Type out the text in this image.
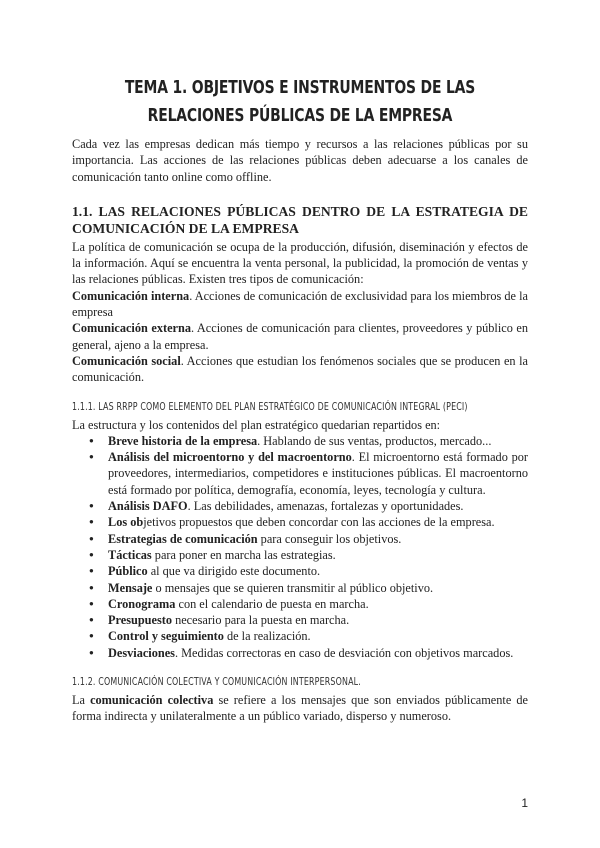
TEMA 1. OBJETIVOS E INSTRUMENTOS DE LAS RELACIONES PÚBLICAS DE LA EMPRESA

Cada vez las empresas dedican más tiempo y recursos a las relaciones públicas por su importancia. Las acciones de las relaciones públicas deben adecuarse a los canales de comunicación tanto online como offline.

1.1. LAS RELACIONES PÚBLICAS DENTRO DE LA ESTRATEGIA DE COMUNICACIÓN DE LA EMPRESA

La política de comunicación se ocupa de la producción, difusión, diseminación y efectos de la información. Aquí se encuentra la venta personal, la publicidad, la promoción de ventas y las relaciones públicas. Existen tres tipos de comunicación:

Comunicación interna. Acciones de comunicación de exclusividad para los miembros de la empresa

Comunicación externa. Acciones de comunicación para clientes, proveedores y público en general, ajeno a la empresa.

Comunicación social. Acciones que estudian los fenómenos sociales que se producen en la comunicación.

1.1.1. LAS RRPP COMO ELEMENTO DEL PLAN ESTRATÉGICO DE COMUNICACIÓN INTEGRAL (PECI)

La estructura y los contenidos del plan estratégico quedarian repartidos en:

● Breve historia de la empresa. Hablando de sus ventas, productos, mercado...
● Análisis del microentorno y del macroentorno. El microentorno está formado por proveedores, intermediarios, competidores e instituciones públicas. El macroentorno está formado por política, demografía, economía, leyes, tecnología y cultura.
● Análisis DAFO. Las debilidades, amenazas, fortalezas y oportunidades.
● Los objetivos propuestos que deben concordar con las acciones de la empresa.
● Estrategias de comunicación para conseguir los objetivos.
● Tácticas para poner en marcha las estrategias.
● Público al que va dirigido este documento.
● Mensaje o mensajes que se quieren transmitir al público objetivo.
● Cronograma con el calendario de puesta en marcha.
● Presupuesto necesario para la puesta en marcha.
● Control y seguimiento de la realización.
● Desviaciones. Medidas correctoras en caso de desviación con objetivos marcados.
1.1.2. COMUNICACIÓN COLECTIVA Y COMUNICACIÓN INTERPERSONAL.

La comunicación colectiva se refiere a los mensajes que son enviados públicamente de forma indirecta y unilateralmente a un público variado, disperso y numeroso.

1
